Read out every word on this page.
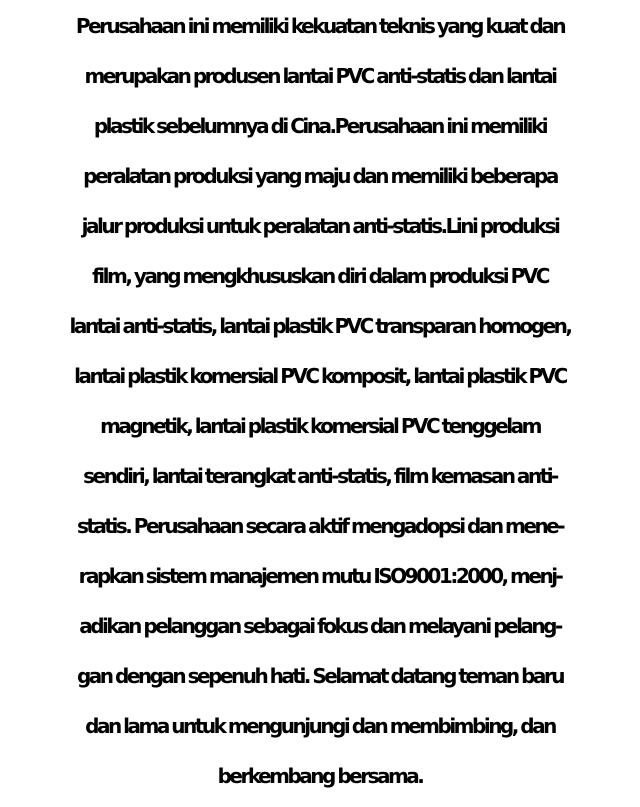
Perusahaan ini memiliki kekuatan teknis yang kuat dan
merupakan produsen lantai PVC anti-statis dan lantai
plastik sebelumnya di Cina.Perusahaan ini memiliki
peralatan produksi yang maju dan memiliki beberapa
jalur produksi untuk peralatan anti-statis.Lini produksi
film, yang mengkhususkan diri dalam produksi PVC
lantai anti-statis, lantai plastik PVC transparan homogen,
lantai plastik komersial PVC komposit, lantai plastik PVC
magnetik, lantai plastik komersial PVC tenggelam
sendiri, lantai terangkat anti-statis, film kemasan anti-
statis. Perusahaan secara aktif mengadopsi dan mene-
rapkan sistem manajemen mutu ISO9001:2000, menj-
adikan pelanggan sebagai fokus dan melayani pelang-
gan dengan sepenuh hati. Selamat datang teman baru
dan lama untuk mengunjungi dan membimbing, dan
berkembang bersama.
